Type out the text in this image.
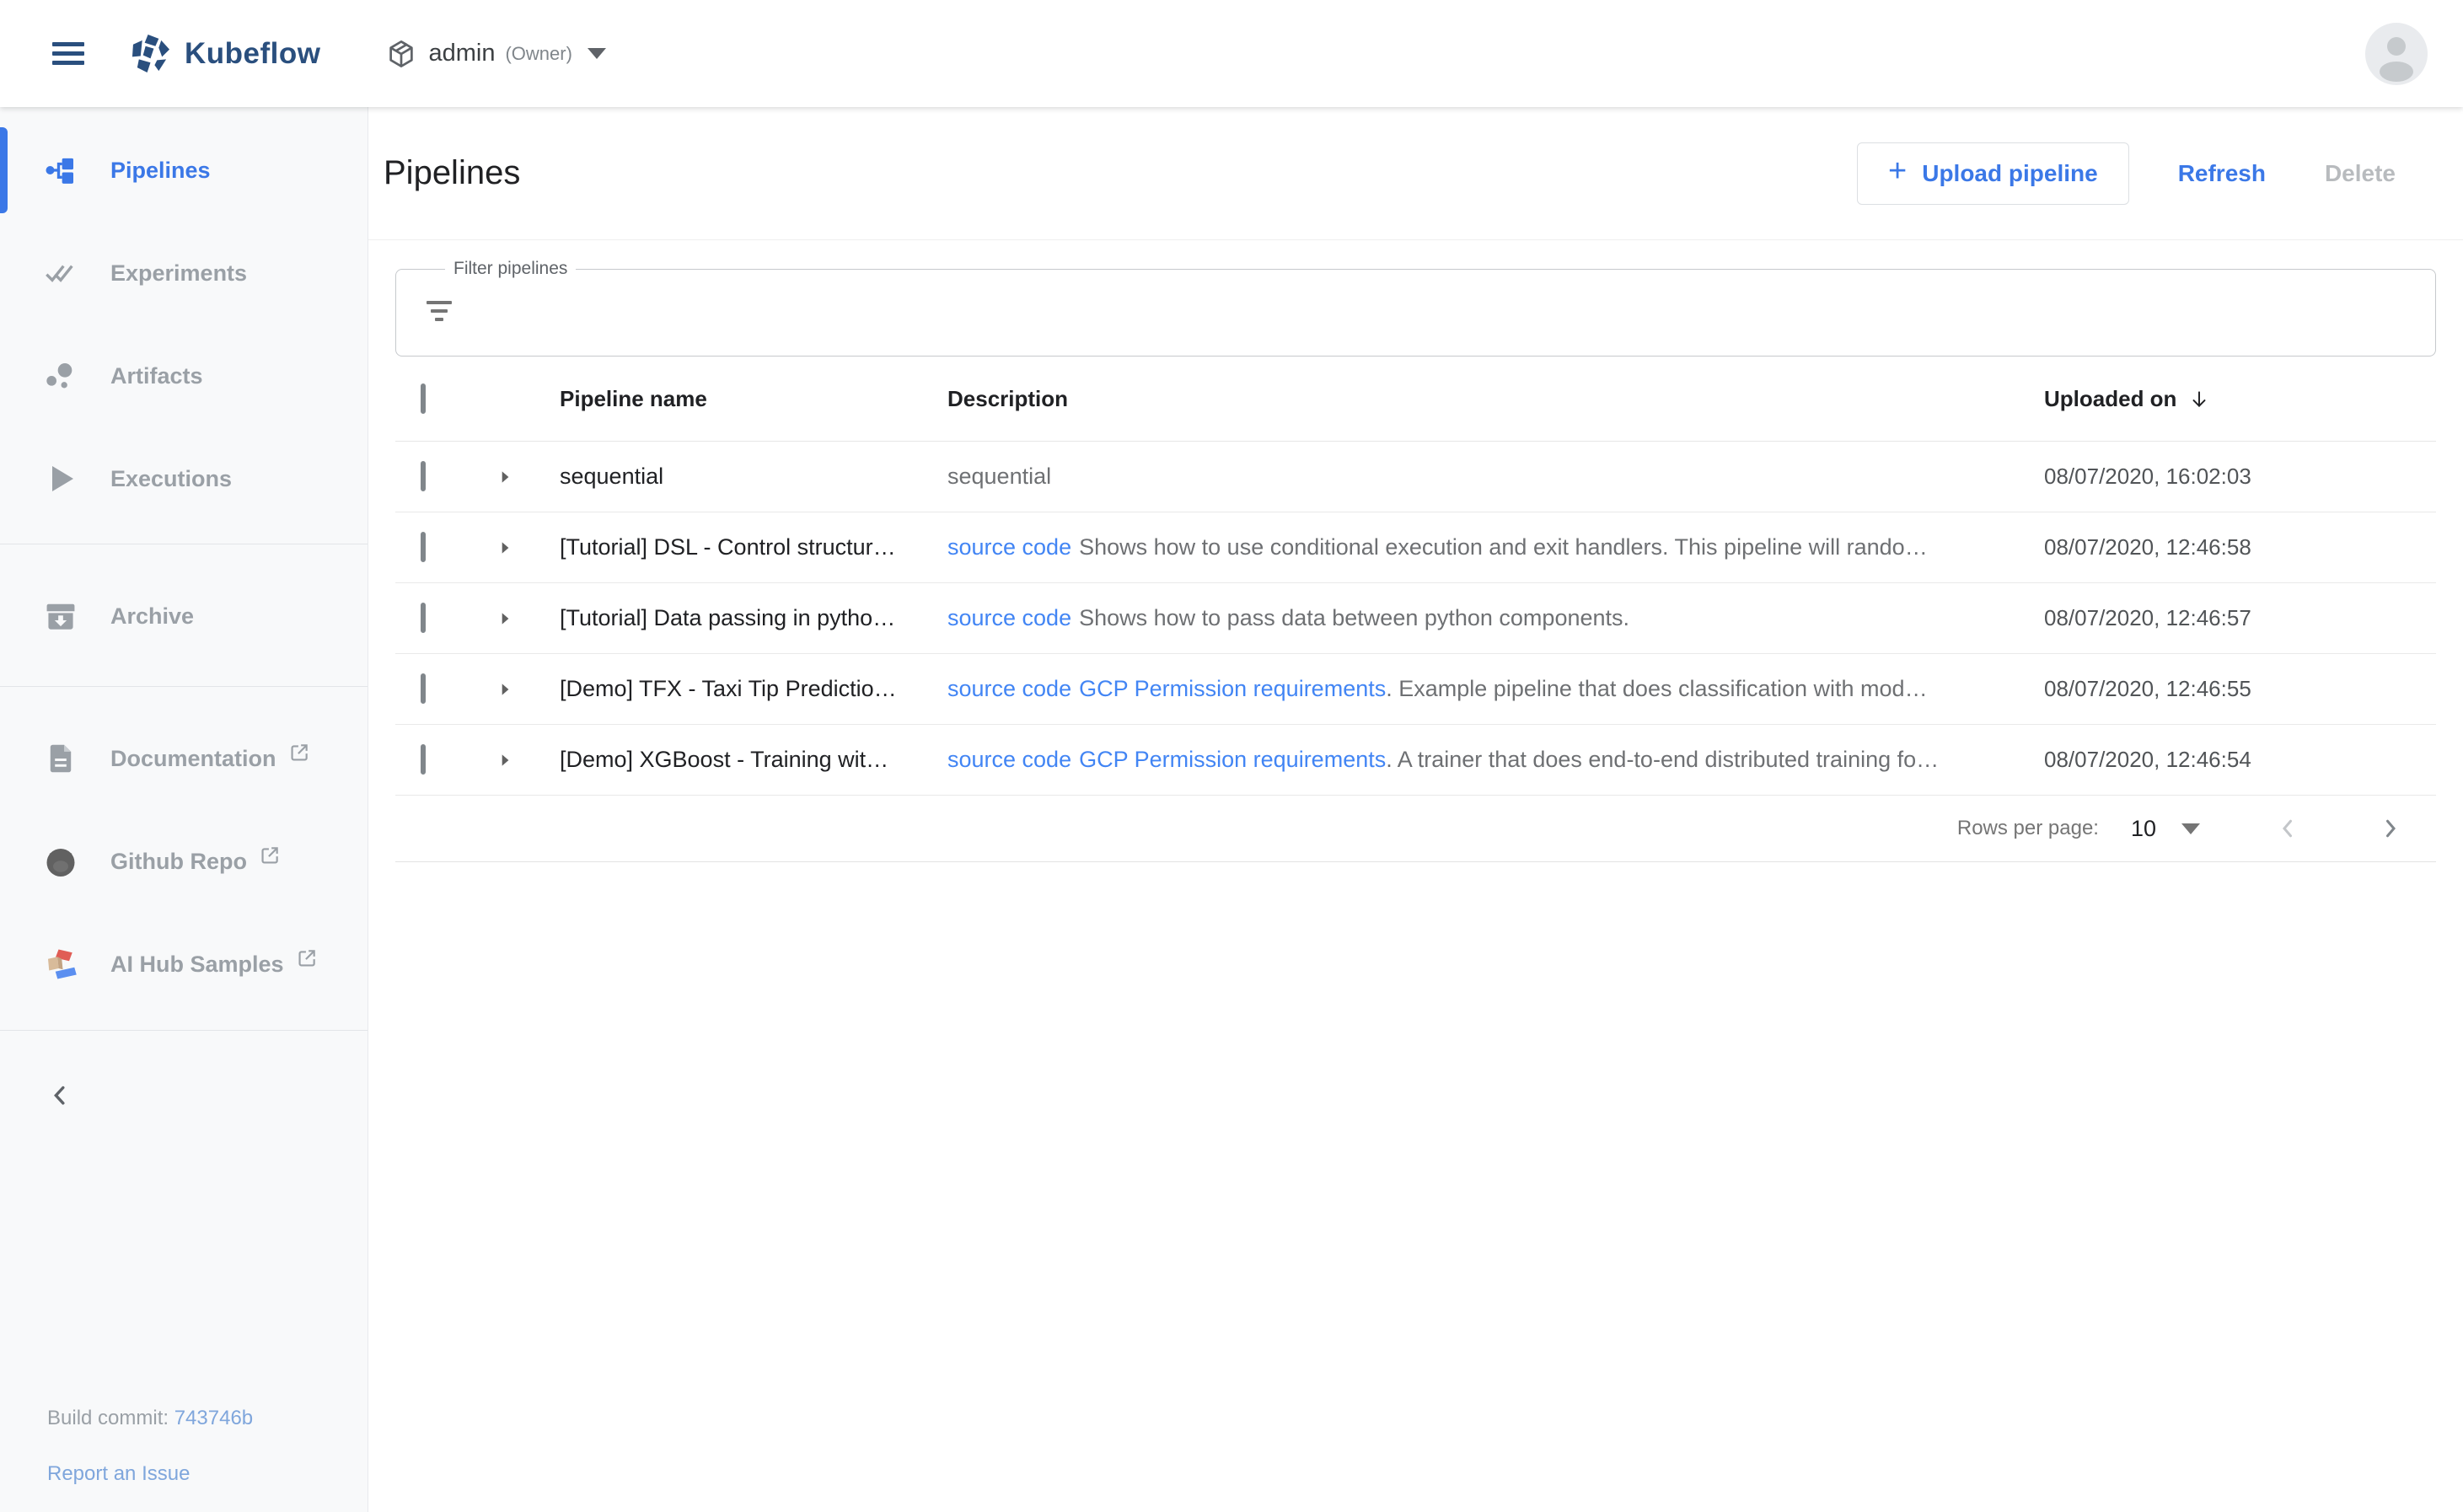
Kubeflow	admin (Owner)
Pipelines
Experiments
Artifacts
Executions
Archive
Documentation
Github Repo
AI Hub Samples
Build commit: 743746b
Report an Issue
Pipelines	+ Upload pipeline	Refresh	Delete
Filter pipelines
Pipeline name	Description	Uploaded on
sequential	sequential	08/07/2020, 16:02:03
[Tutorial] DSL - Control structur…	source code Shows how to use conditional execution and exit handlers. This pipeline will rando…	08/07/2020, 12:46:58
[Tutorial] Data passing in pytho…	source code Shows how to pass data between python components.	08/07/2020, 12:46:57
[Demo] TFX - Taxi Tip Predictio…	source code GCP Permission requirements. Example pipeline that does classification with mod…	08/07/2020, 12:46:55
[Demo] XGBoost - Training wit…	source code GCP Permission requirements. A trainer that does end-to-end distributed training fo…	08/07/2020, 12:46:54
Rows per page: 10
